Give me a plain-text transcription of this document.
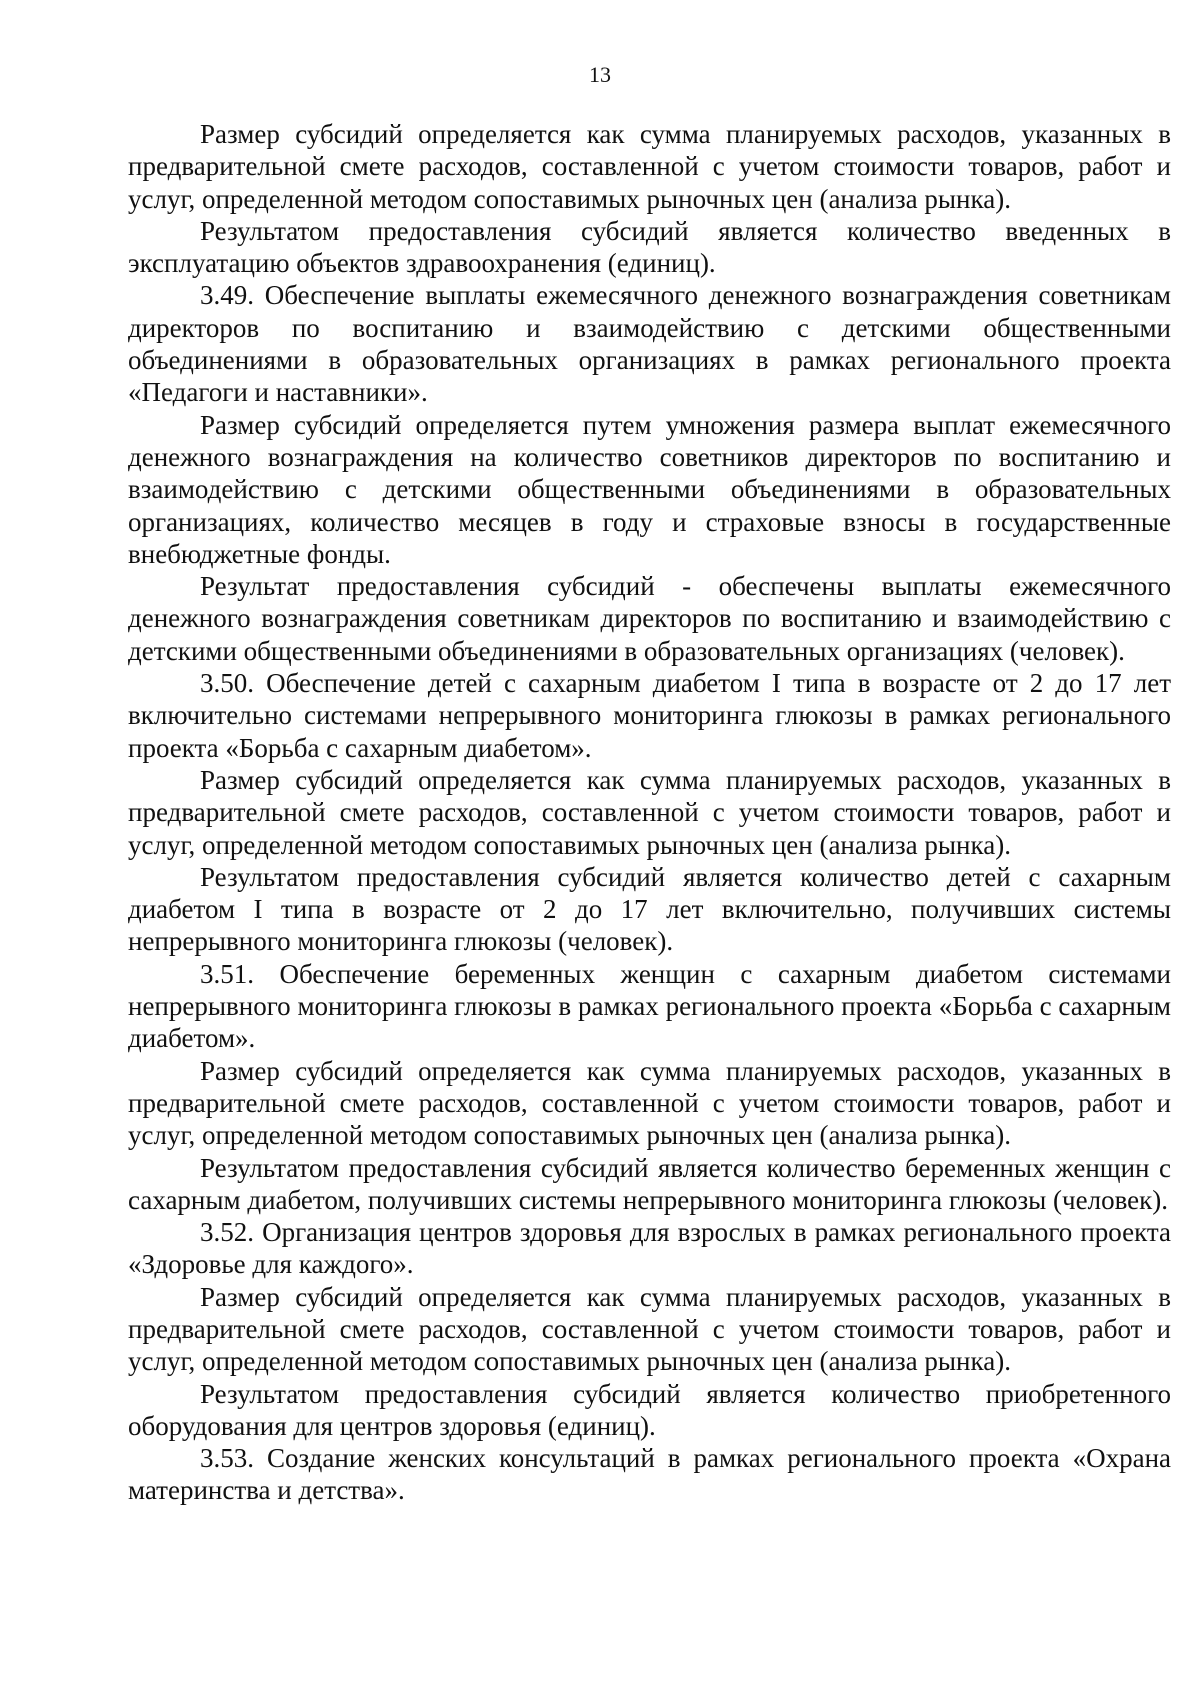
13

Размер субсидий определяется как сумма планируемых расходов, указанных в предварительной смете расходов, составленной с учетом стоимости товаров, работ и услуг, определенной методом сопоставимых рыночных цен (анализа рынка).

Результатом предоставления субсидий является количество введенных в эксплуатацию объектов здравоохранения (единиц).

3.49. Обеспечение выплаты ежемесячного денежного вознаграждения советникам директоров по воспитанию и взаимодействию с детскими общественными объединениями в образовательных организациях в рамках регионального проекта «Педагоги и наставники».

Размер субсидий определяется путем умножения размера выплат ежемесячного денежного вознаграждения на количество советников директоров по воспитанию и взаимодействию с детскими общественными объединениями в образовательных организациях, количество месяцев в году и страховые взносы в государственные внебюджетные фонды.

Результат предоставления субсидий - обеспечены выплаты ежемесячного денежного вознаграждения советникам директоров по воспитанию и взаимодействию с детскими общественными объединениями в образовательных организациях (человек).

3.50. Обеспечение детей с сахарным диабетом I типа в возрасте от 2 до 17 лет включительно системами непрерывного мониторинга глюкозы в рамках регионального проекта «Борьба с сахарным диабетом».

Размер субсидий определяется как сумма планируемых расходов, указанных в предварительной смете расходов, составленной с учетом стоимости товаров, работ и услуг, определенной методом сопоставимых рыночных цен (анализа рынка).

Результатом предоставления субсидий является количество детей с сахарным диабетом I типа в возрасте от 2 до 17 лет включительно, получивших системы непрерывного мониторинга глюкозы (человек).

3.51. Обеспечение беременных женщин с сахарным диабетом системами непрерывного мониторинга глюкозы в рамках регионального проекта «Борьба с сахарным диабетом».

Размер субсидий определяется как сумма планируемых расходов, указанных в предварительной смете расходов, составленной с учетом стоимости товаров, работ и услуг, определенной методом сопоставимых рыночных цен (анализа рынка).

Результатом предоставления субсидий является количество беременных женщин с сахарным диабетом, получивших системы непрерывного мониторинга глюкозы (человек).

3.52. Организация центров здоровья для взрослых в рамках регионального проекта «Здоровье для каждого».

Размер субсидий определяется как сумма планируемых расходов, указанных в предварительной смете расходов, составленной с учетом стоимости товаров, работ и услуг, определенной методом сопоставимых рыночных цен (анализа рынка).

Результатом предоставления субсидий является количество приобретенного оборудования для центров здоровья (единиц).

3.53. Создание женских консультаций в рамках регионального проекта «Охрана материнства и детства».
